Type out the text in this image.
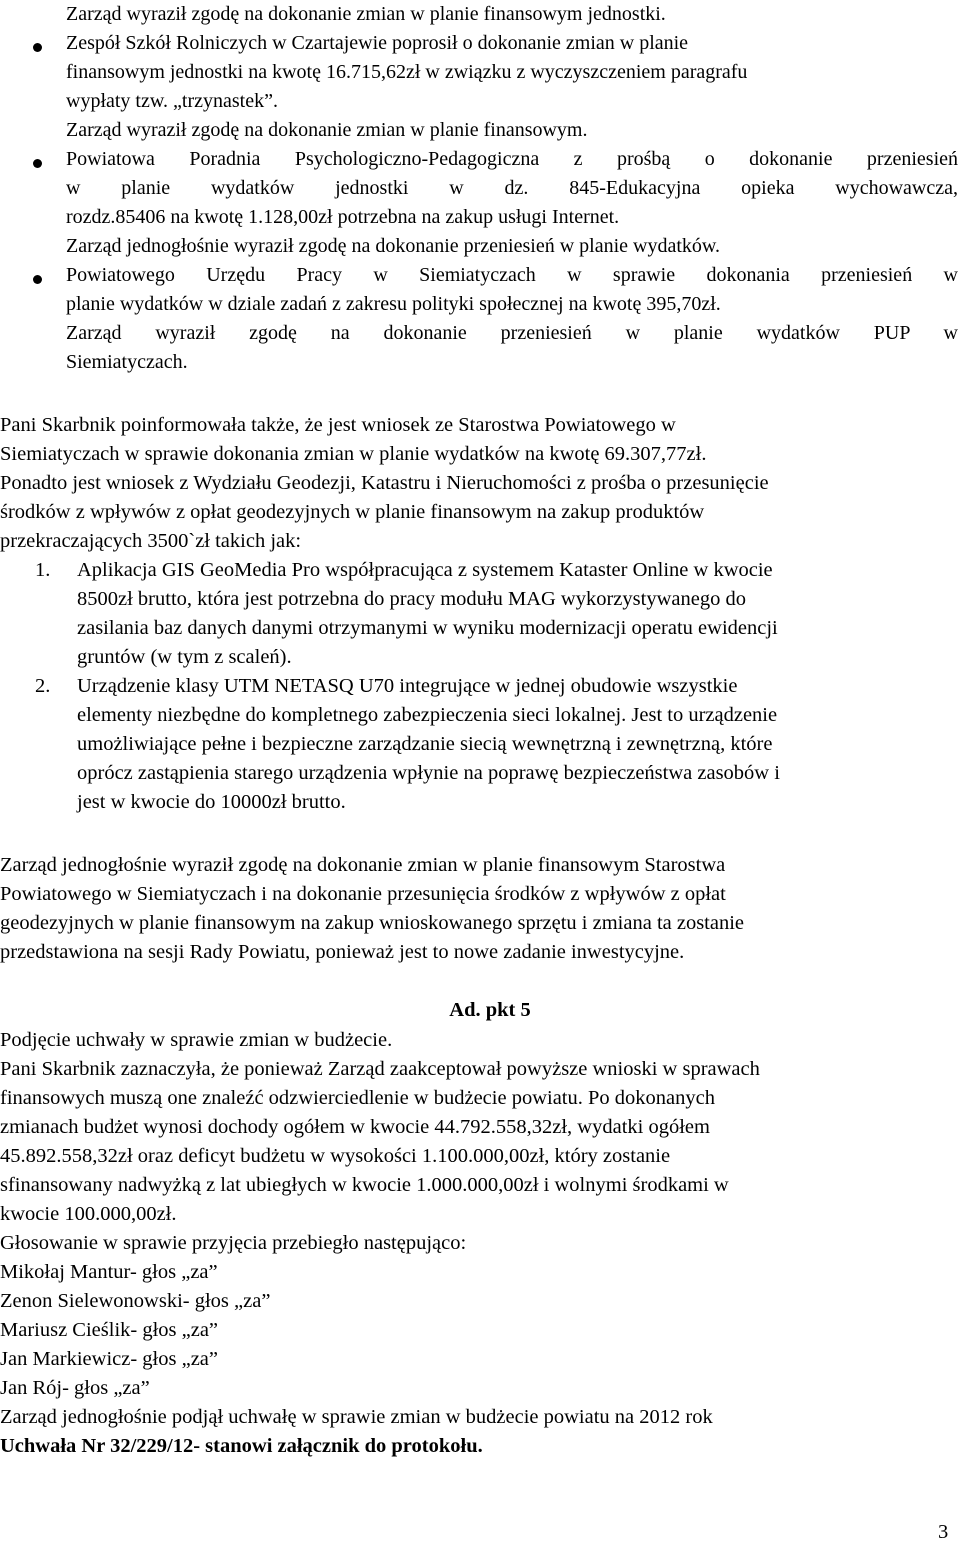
Zarząd wyraził zgodę na dokonanie zmian w planie finansowym jednostki.

Zespół Szkół Rolniczych w Czartajewie poprosił o dokonanie zmian w planie

finansowym jednostki na kwotę 16.715,62zł w związku z wyczyszczeniem paragrafu

wypłaty tzw. „trzynastek”.

Zarząd wyraził zgodę na dokonanie zmian w planie finansowym.

Powiatowa Poradnia Psychologiczno-Pedagogiczna z prośbą o dokonanie przeniesień

w planie wydatków jednostki w dz. 845-Edukacyjna opieka wychowawcza,

rozdz.85406 na kwotę 1.128,00zł potrzebna na zakup usługi Internet.

Zarząd jednogłośnie wyraził zgodę na dokonanie przeniesień w planie wydatków.

Powiatowego Urzędu Pracy w Siemiatyczach w sprawie dokonania przeniesień w

planie wydatków w dziale zadań z zakresu polityki społecznej na kwotę 395,70zł.

Zarząd wyraził zgodę na dokonanie przeniesień w planie wydatków PUP w

Siemiatyczach.

Pani Skarbnik poinformowała także, że jest wniosek ze Starostwa Powiatowego w

Siemiatyczach w sprawie dokonania zmian w planie wydatków na kwotę 69.307,77zł.

Ponadto jest wniosek z Wydziału Geodezji, Katastru i Nieruchomości z prośba o przesunięcie

środków z wpływów z opłat geodezyjnych w planie finansowym na zakup produktów

przekraczających 3500`zł takich jak:

1. Aplikacja GIS GeoMedia Pro współpracująca z systemem Kataster Online w kwocie

8500zł brutto, która jest potrzebna do pracy modułu MAG wykorzystywanego do

zasilania baz danych danymi otrzymanymi w wyniku modernizacji operatu ewidencji

gruntów (w tym z scaleń).

2. Urządzenie klasy UTM NETASQ U70 integrujące w jednej obudowie wszystkie

elementy niezbędne do kompletnego zabezpieczenia sieci lokalnej. Jest to urządzenie

umożliwiające pełne i bezpieczne zarządzanie siecią wewnętrzną i zewnętrzną, które

oprócz zastąpienia starego urządzenia wpłynie na poprawę bezpieczeństwa zasobów i

jest w kwocie do 10000zł brutto.

Zarząd jednogłośnie wyraził zgodę na dokonanie zmian w planie finansowym Starostwa

Powiatowego w Siemiatyczach i na dokonanie przesunięcia środków z wpływów z opłat

geodezyjnych w planie finansowym na zakup wnioskowanego sprzętu i zmiana ta zostanie

przedstawiona na sesji Rady Powiatu, ponieważ jest to nowe zadanie inwestycyjne.

Ad. pkt 5

Podjęcie uchwały w sprawie zmian w budżecie.

Pani Skarbnik zaznaczyła, że ponieważ Zarząd zaakceptował powyższe wnioski w sprawach

finansowych muszą one znaleźć odzwierciedlenie w budżecie powiatu. Po dokonanych

zmianach budżet wynosi dochody ogółem w kwocie 44.792.558,32zł, wydatki ogółem

45.892.558,32zł oraz deficyt budżetu w wysokości 1.100.000,00zł, który zostanie

sfinansowany nadwyżką z lat ubiegłych w kwocie 1.000.000,00zł i wolnymi środkami w

kwocie 100.000,00zł.

Głosowanie w sprawie przyjęcia przebiegło następująco:

Mikołaj Mantur- głos „za”

Zenon Sielewonowski- głos „za”

Mariusz Cieślik- głos „za”

Jan Markiewicz- głos „za”

Jan Rój- głos „za”

Zarząd jednogłośnie podjął uchwałę w sprawie zmian w budżecie powiatu na 2012 rok

Uchwała Nr 32/229/12- stanowi załącznik do protokołu.

3
